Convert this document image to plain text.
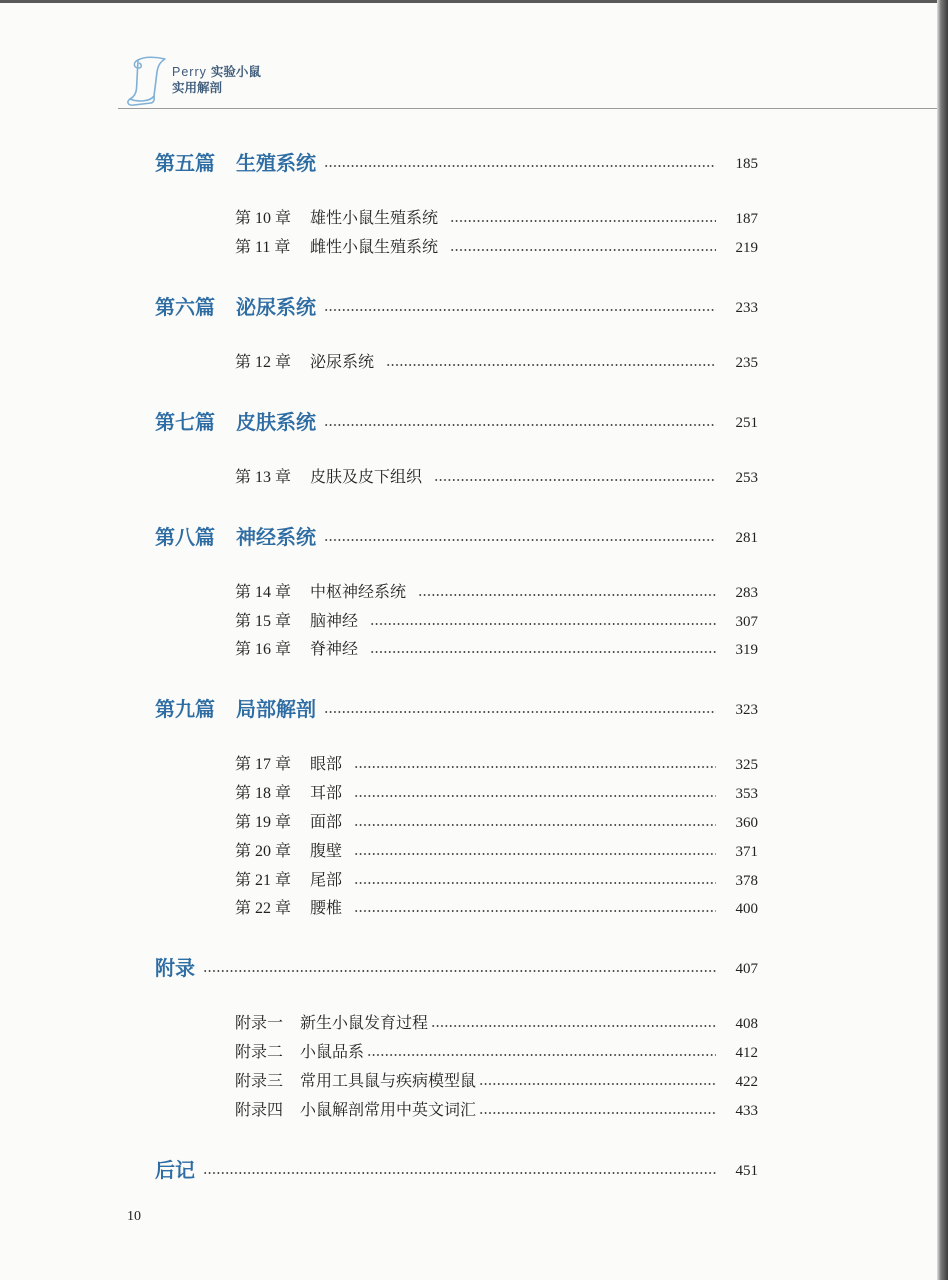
Perry 实验小鼠
实用解剖
第五篇	生殖系统	185
第 10 章	雄性小鼠生殖系统	187
第 11 章	雌性小鼠生殖系统	219
第六篇	泌尿系统	233
第 12 章	泌尿系统	235
第七篇	皮肤系统	251
第 13 章	皮肤及皮下组织	253
第八篇	神经系统	281
第 14 章	中枢神经系统	283
第 15 章	脑神经	307
第 16 章	脊神经	319
第九篇	局部解剖	323
第 17 章	眼部	325
第 18 章	耳部	353
第 19 章	面部	360
第 20 章	腹壁	371
第 21 章	尾部	378
第 22 章	腰椎	400
附录	407
附录一	新生小鼠发育过程	408
附录二	小鼠品系	412
附录三	常用工具鼠与疾病模型鼠	422
附录四	小鼠解剖常用中英文词汇	433
后记	451
10
